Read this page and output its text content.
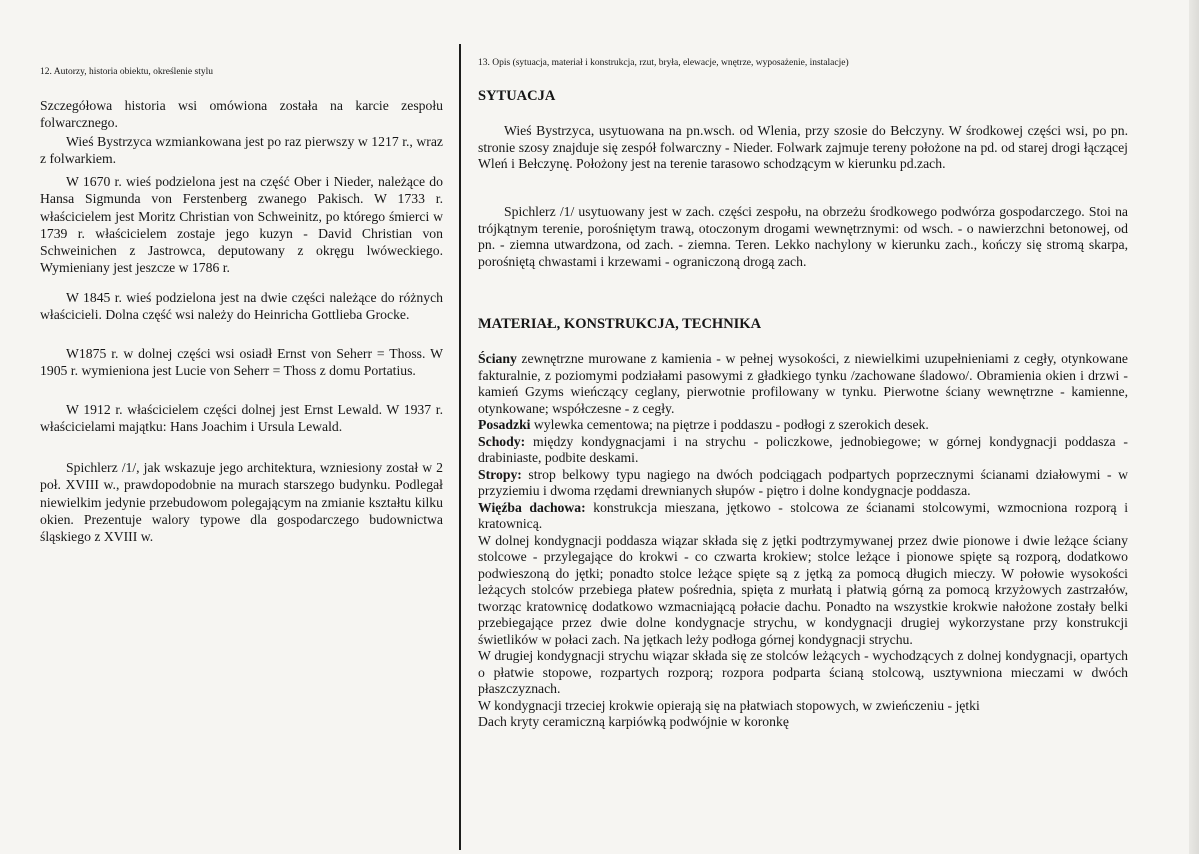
12. Autorzy, historia obiektu, określenie stylu

Szczegółowa historia wsi omówiona została na karcie zespołu folwarcznego.

Wieś Bystrzyca wzmiankowana jest po raz pierwszy w 1217 r., wraz z folwarkiem.

W 1670 r. wieś podzielona jest na część Ober i Nieder, należące do Hansa Sigmunda von Ferstenberg zwanego Pakisch. W 1733 r. właścicielem jest Moritz Christian von Schweinitz, po którego śmierci w 1739 r. właścicielem zostaje jego kuzyn - David Christian von Schweinichen z Jastrowca, deputowany z okręgu lwóweckiego. Wymieniany jest jeszcze w 1786 r.

W 1845 r. wieś podzielona jest na dwie części należące do różnych właścicieli. Dolna część wsi należy do Heinricha Gottlieba Grocke.

W1875 r. w dolnej części wsi osiadł Ernst von Seherr = Thoss. W 1905 r. wymieniona jest Lucie von Seherr = Thoss z domu Portatius.

W 1912 r. właścicielem części dolnej jest Ernst Lewald. W 1937 r. właścicielami majątku: Hans Joachim i Ursula Lewald.

Spichlerz /1/, jak wskazuje jego architektura, wzniesiony został w 2 poł. XVIII w., prawdopodobnie na murach starszego budynku. Podlegał niewielkim jedynie przebudowom polegającym na zmianie kształtu kilku okien. Prezentuje walory typowe dla gospodarczego budownictwa śląskiego z XVIII w.

13. Opis (sytuacja, materiał i konstrukcja, rzut, bryła, elewacje, wnętrze, wyposażenie, instalacje)
SYTUACJA

Wieś Bystrzyca, usytuowana na pn.wsch. od Wlenia, przy szosie do Bełczyny. W środkowej części wsi, po pn. stronie szosy znajduje się zespół folwarczny - Nieder. Folwark zajmuje tereny położone na pd. od starej drogi łączącej Wleń i Bełczynę. Położony jest na terenie tarasowo schodzącym w kierunku pd.zach.

Spichlerz /1/ usytuowany jest w zach. części zespołu, na obrzeżu środkowego podwórza gospodarczego. Stoi na trójkątnym terenie, porośniętym trawą, otoczonym drogami wewnętrznymi: od wsch. - o nawierzchni betonowej, od pn. - ziemna utwardzona, od zach. - ziemna. Teren. Lekko nachylony w kierunku zach., kończy się stromą skarpa, porośniętą chwastami i krzewami - ograniczoną drogą zach.

MATERIAŁ, KONSTRUKCJA, TECHNIKA
Ściany zewnętrzne murowane z kamienia - w pełnej wysokości, z niewielkimi uzupełnieniami z cegły, otynkowane fakturalnie, z poziomymi podziałami pasowymi z gładkiego tynku /zachowane śladowo/. Obramienia okien i drzwi - kamień Gzyms wieńczący ceglany, pierwotnie profilowany w tynku. Pierwotne ściany wewnętrzne - kamienne, otynkowane; współczesne - z cegły.
Posadzki wylewka cementowa; na piętrze i poddaszu - podłogi z szerokich desek.
Schody: między kondygnacjami i na strychu - policzkowe, jednobiegowe; w górnej kondygnacji poddasza - drabiniaste, podbite deskami.
Stropy: strop belkowy typu nagiego na dwóch podciągach podpartych poprzecznymi ścianami działowymi - w przyziemiu i dwoma rzędami drewnianych słupów - piętro i dolne kondygnacje poddasza.
Więźba dachowa: konstrukcja mieszana, jętkowo - stolcowa ze ścianami stolcowymi, wzmocniona rozporą i kratownicą.
W dolnej kondygnacji poddasza wiązar składa się z jętki podtrzymywanej przez dwie pionowe i dwie leżące ściany stolcowe - przylegające do krokwi - co czwarta krokiew; stolce leżące i pionowe spięte są rozporą, dodatkowo podwieszoną do jętki; ponadto stolce leżące spięte są z jętką za pomocą długich mieczy. W połowie wysokości leżących stolców przebiega płatew pośrednia, spięta z murłatą i płatwią górną za pomocą krzyżowych zastrzałów, tworząc kratownicę dodatkowo wzmacniającą połacie dachu. Ponadto na wszystkie krokwie nałożone zostały belki przebiegające przez dwie dolne kondygnacje strychu, w kondygnacji drugiej wykorzystane przy konstrukcji świetlików w połaci zach. Na jętkach leży podłoga górnej kondygnacji strychu.
W drugiej kondygnacji strychu wiązar składa się ze stolców leżących - wychodzących z dolnej kondygnacji, opartych o płatwie stopowe, rozpartych rozporą; rozpora podparta ścianą stolcową, usztywniona mieczami w dwóch płaszczyznach.
W kondygnacji trzeciej krokwie opierają się na płatwiach stopowych, w zwieńczeniu - jętki
Dach kryty ceramiczną karpiówką podwójnie w koronkę
